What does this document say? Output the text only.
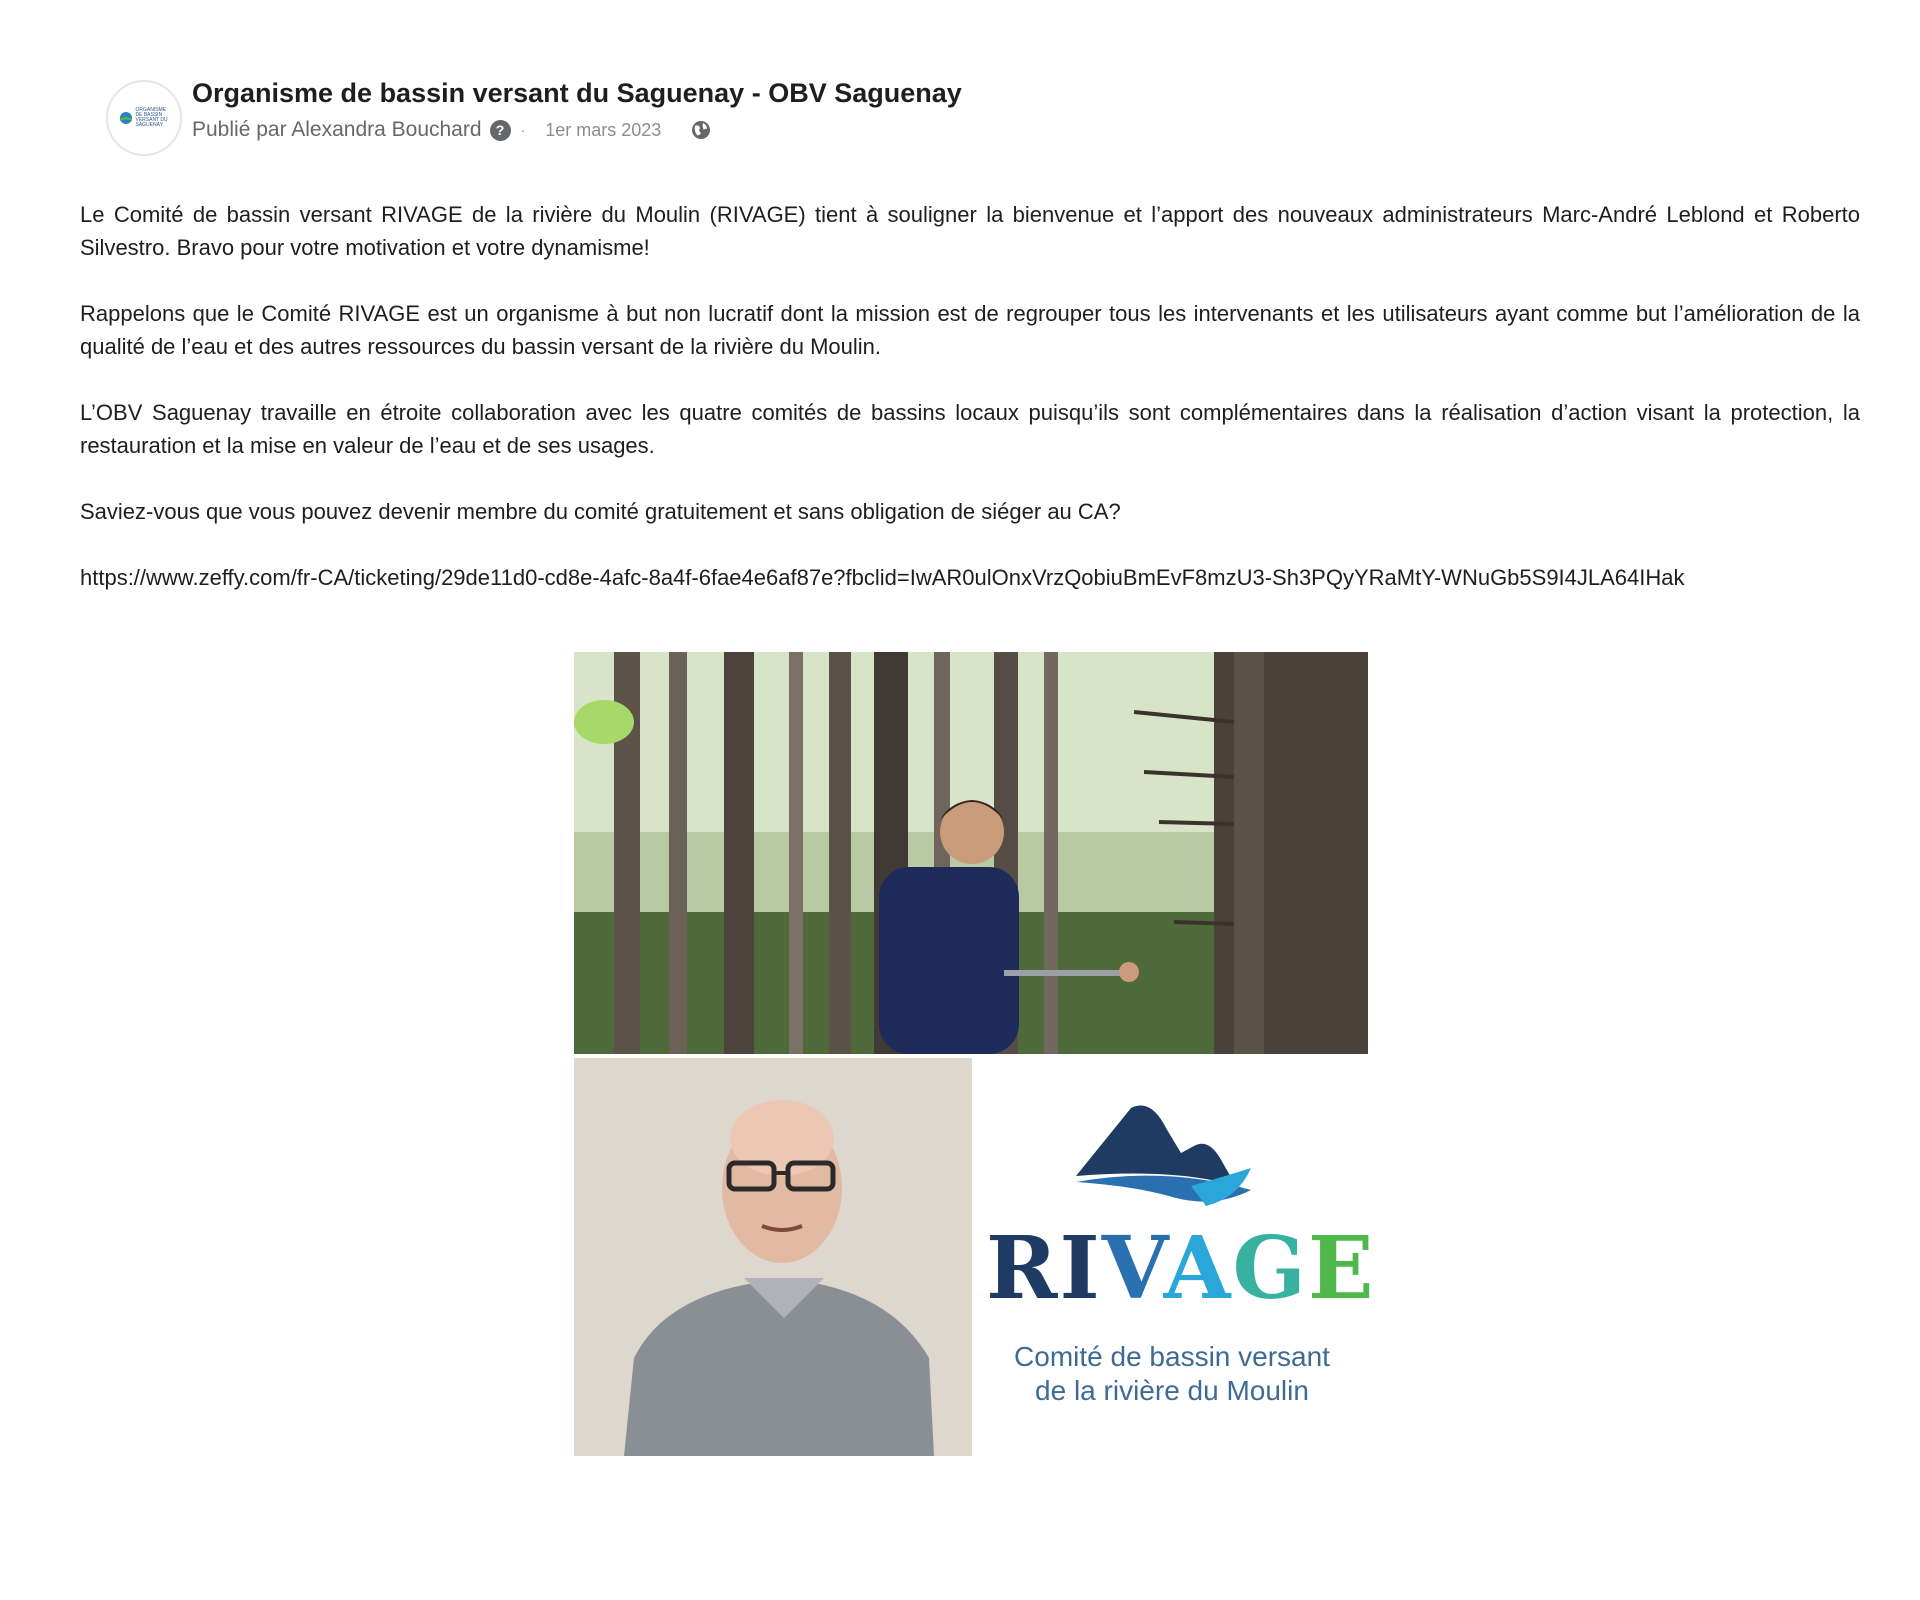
ORGANISME DE BASSIN VERSANT DU SAGUENAY
Organisme de bassin versant du Saguenay - OBV Saguenay
Publié par Alexandra Bouchard	?	· 1er mars 2023

Le Comité de bassin versant RIVAGE de la rivière du Moulin (RIVAGE) tient à souligner la bienvenue et l’apport des nouveaux administrateurs Marc-André Leblond et Roberto Silvestro. Bravo pour votre motivation et votre dynamisme!

Rappelons que le Comité RIVAGE est un organisme à but non lucratif dont la mission est de regrouper tous les intervenants et les utilisateurs ayant comme but l’amélioration de la qualité de l’eau et des autres ressources du bassin versant de la rivière du Moulin.

L’OBV Saguenay travaille en étroite collaboration avec les quatre comités de bassins locaux puisqu’ils sont complémentaires dans la réalisation d’action visant la protection, la restauration et la mise en valeur de l’eau et de ses usages.

Saviez-vous que vous pouvez devenir membre du comité gratuitement et sans obligation de siéger au CA?

https://www.zeffy.com/fr-CA/ticketing/29de11d0-cd8e-4afc-8a4f-6fae4e6af87e?fbclid=IwAR0ulOnxVrzQobiuBmEvF8mzU3-Sh3PQyYRaMtY-WNuGb5S9I4JLA64IHak

RIVAGE
Comité de bassin versant
de la rivière du Moulin
